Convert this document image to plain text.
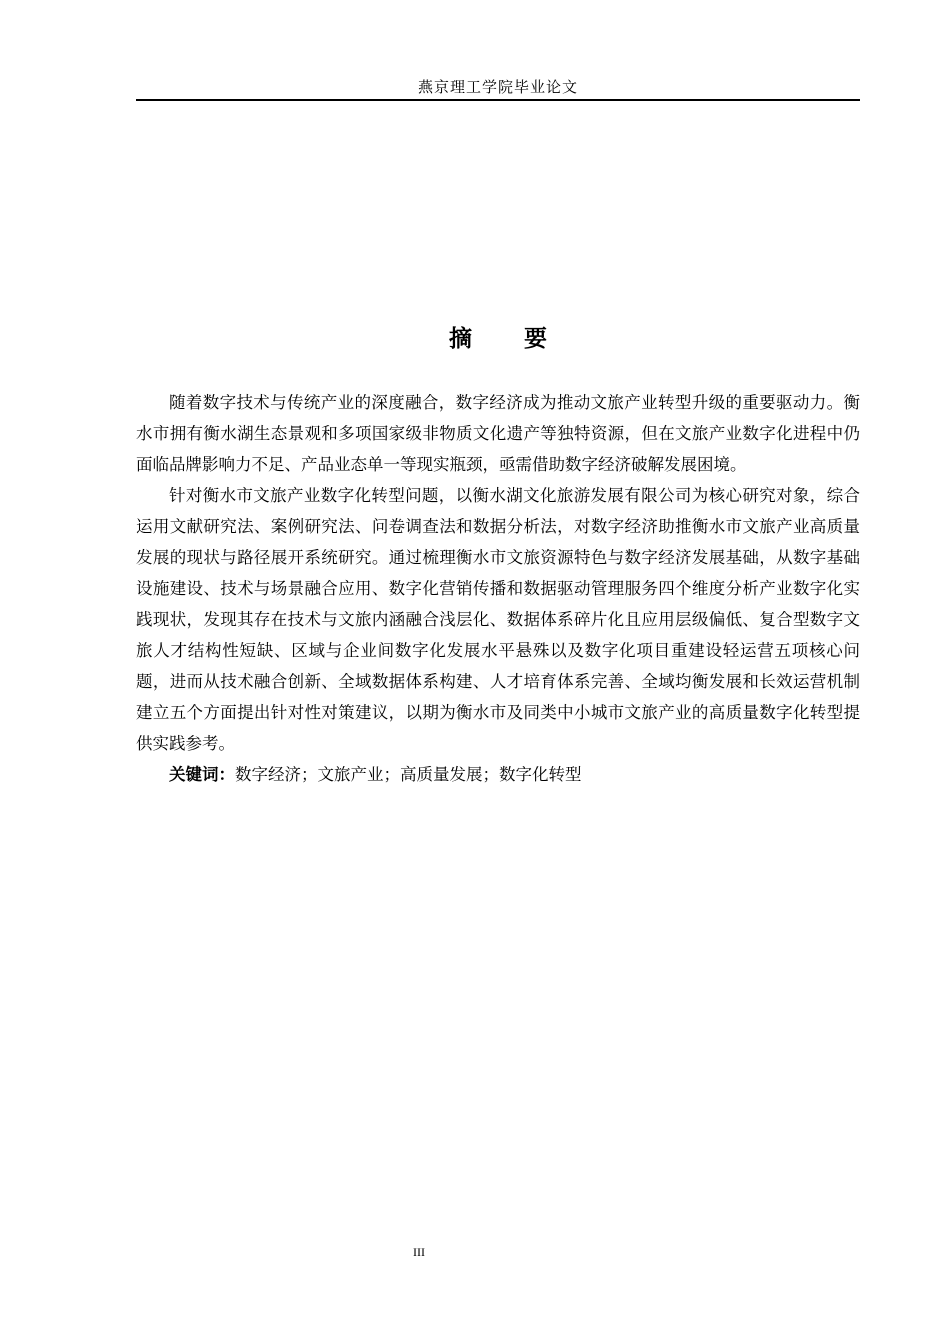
燕京理工学院毕业论文
摘 要

随着数字技术与传统产业的深度融合，数字经济成为推动文旅产业转型升级的重要驱动力。衡水市拥有衡水湖生态景观和多项国家级非物质文化遗产等独特资源，但在文旅产业数字化进程中仍面临品牌影响力不足、产品业态单一等现实瓶颈，亟需借助数字经济破解发展困境。

针对衡水市文旅产业数字化转型问题，以衡水湖文化旅游发展有限公司为核心研究对象，综合运用文献研究法、案例研究法、问卷调查法和数据分析法，对数字经济助推衡水市文旅产业高质量发展的现状与路径展开系统研究。通过梳理衡水市文旅资源特色与数字经济发展基础，从数字基础设施建设、技术与场景融合应用、数字化营销传播和数据驱动管理服务四个维度分析产业数字化实践现状，发现其存在技术与文旅内涵融合浅层化、数据体系碎片化且应用层级偏低、复合型数字文旅人才结构性短缺、区域与企业间数字化发展水平悬殊以及数字化项目重建设轻运营五项核心问题，进而从技术融合创新、全域数据体系构建、人才培育体系完善、全域均衡发展和长效运营机制建立五个方面提出针对性对策建议，以期为衡水市及同类中小城市文旅产业的高质量数字化转型提供实践参考。

关键词：数字经济；文旅产业；高质量发展；数字化转型

III
